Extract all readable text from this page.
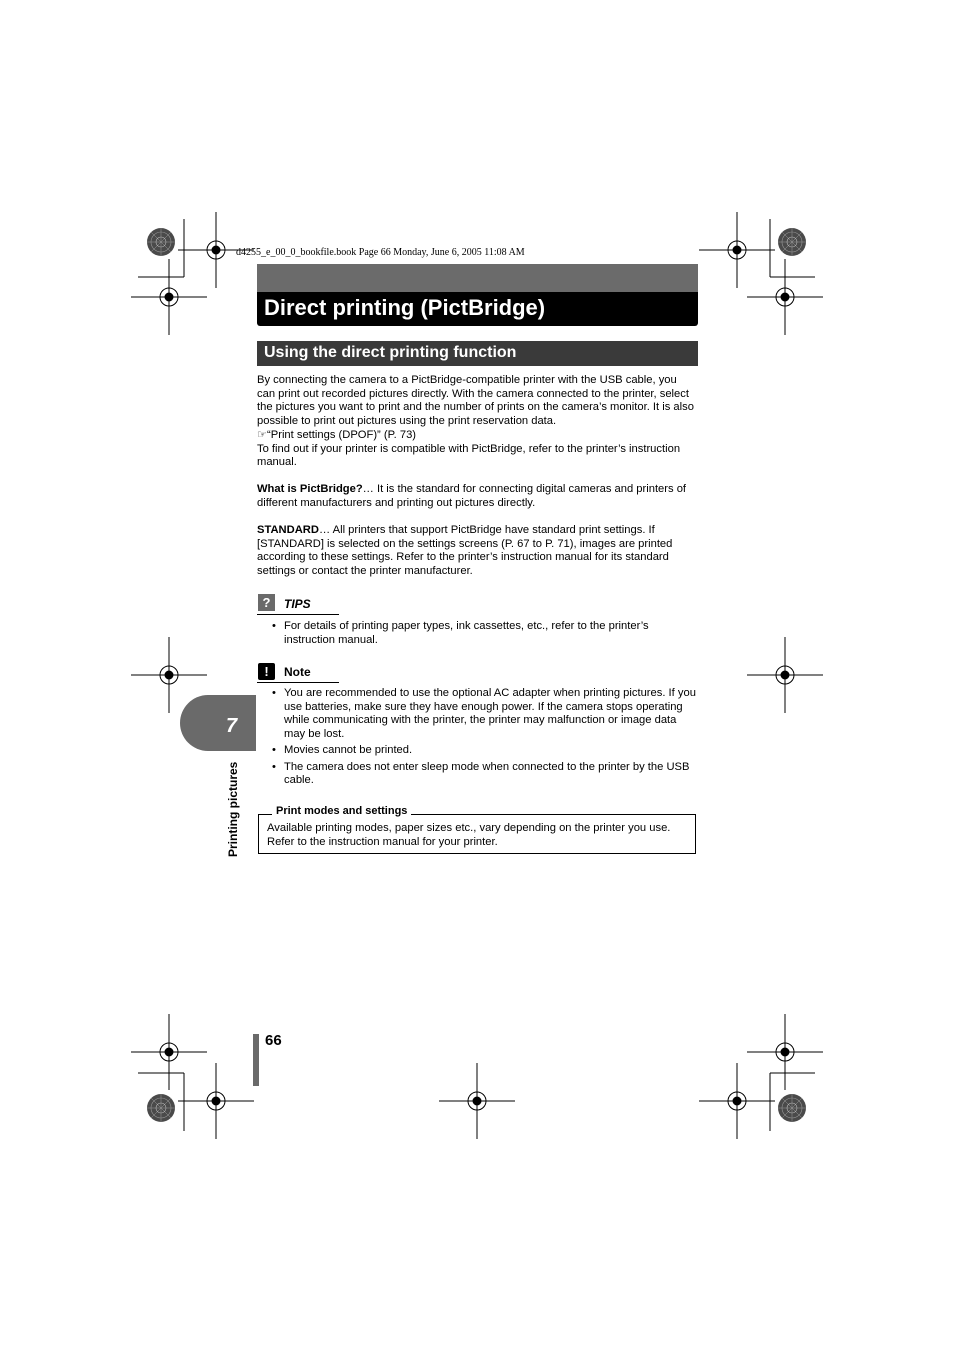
d4255_e_00_0_bookfile.book Page 66 Monday, June 6, 2005 11:08 AM
Direct printing (PictBridge)
Using the direct printing function

By connecting the camera to a PictBridge-compatible printer with the USB cable, you can print out recorded pictures directly. With the camera connected to the printer, select the pictures you want to print and the number of prints on the camera’s monitor. It is also possible to print out pictures using the print reservation data.

☞“Print settings (DPOF)” (P. 73)

To find out if your printer is compatible with PictBridge, refer to the printer’s instruction manual.

What is PictBridge?… It is the standard for connecting digital cameras and printers of different manufacturers and printing out pictures directly.

STANDARD… All printers that support PictBridge have standard print settings. If [STANDARD] is selected on the settings screens (P. 67 to P. 71), images are printed according to these settings. Refer to the printer’s instruction manual for its standard settings or contact the printer manufacturer.

?	TIPS
• For details of printing paper types, ink cassettes, etc., refer to the printer’s instruction manual.
!	Note
• You are recommended to use the optional AC adapter when printing pictures. If you use batteries, make sure they have enough power. If the camera stops operating while communicating with the printer, the printer may malfunction or image data may be lost.
• Movies cannot be printed.
• The camera does not enter sleep mode when connected to the printer by the USB cable.
Print modes and settings
Available printing modes, paper sizes etc., vary depending on the printer you use. Refer to the instruction manual for your printer.
7
Printing pictures
66
